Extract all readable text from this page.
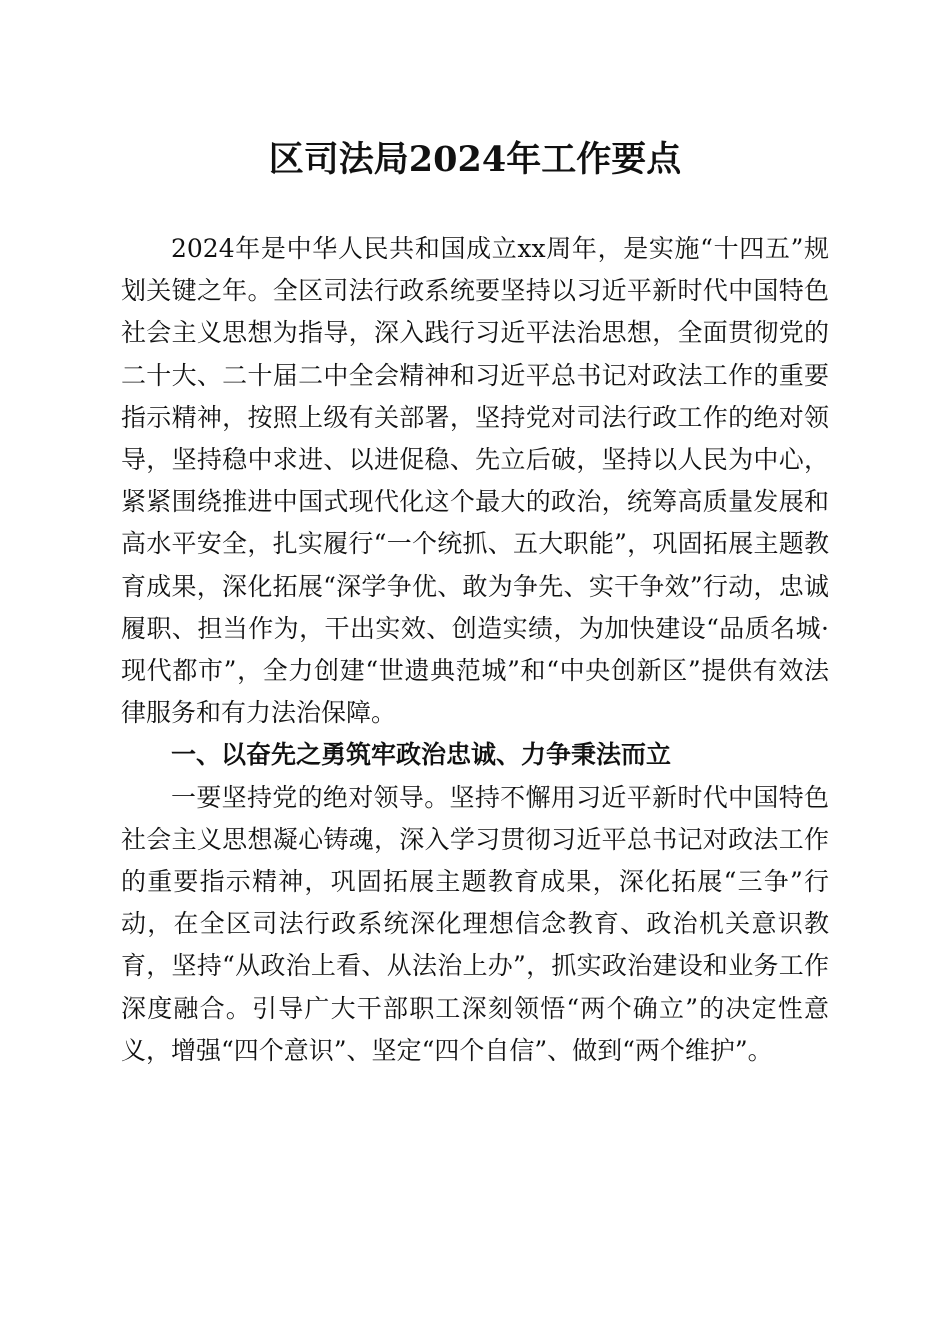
区司法局2024年工作要点

2024年是中华人民共和国成立xx周年，是实施“十四五”规划关键之年。全区司法行政系统要坚持以习近平新时代中国特色社会主义思想为指导，深入践行习近平法治思想，全面贯彻党的二十大、二十届二中全会精神和习近平总书记对政法工作的重要指示精神，按照上级有关部署，坚持党对司法行政工作的绝对领导，坚持稳中求进、以进促稳、先立后破，坚持以人民为中心，紧紧围绕推进中国式现代化这个最大的政治，统筹高质量发展和高水平安全，扎实履行“一个统抓、五大职能”，巩固拓展主题教育成果，深化拓展“深学争优、敢为争先、实干争效”行动，忠诚履职、担当作为，干出实效、创造实绩，为加快建设“品质名城·现代都市”，全力创建“世遗典范城”和“中央创新区”提供有效法律服务和有力法治保障。

一、以奋先之勇筑牢政治忠诚、力争秉法而立

一要坚持党的绝对领导。坚持不懈用习近平新时代中国特色社会主义思想凝心铸魂，深入学习贯彻习近平总书记对政法工作的重要指示精神，巩固拓展主题教育成果，深化拓展“三争”行动，在全区司法行政系统深化理想信念教育、政治机关意识教育，坚持“从政治上看、从法治上办”，抓实政治建设和业务工作深度融合。引导广大干部职工深刻领悟“两个确立”的决定性意义，增强“四个意识”、坚定“四个自信”、做到“两个维护”。
